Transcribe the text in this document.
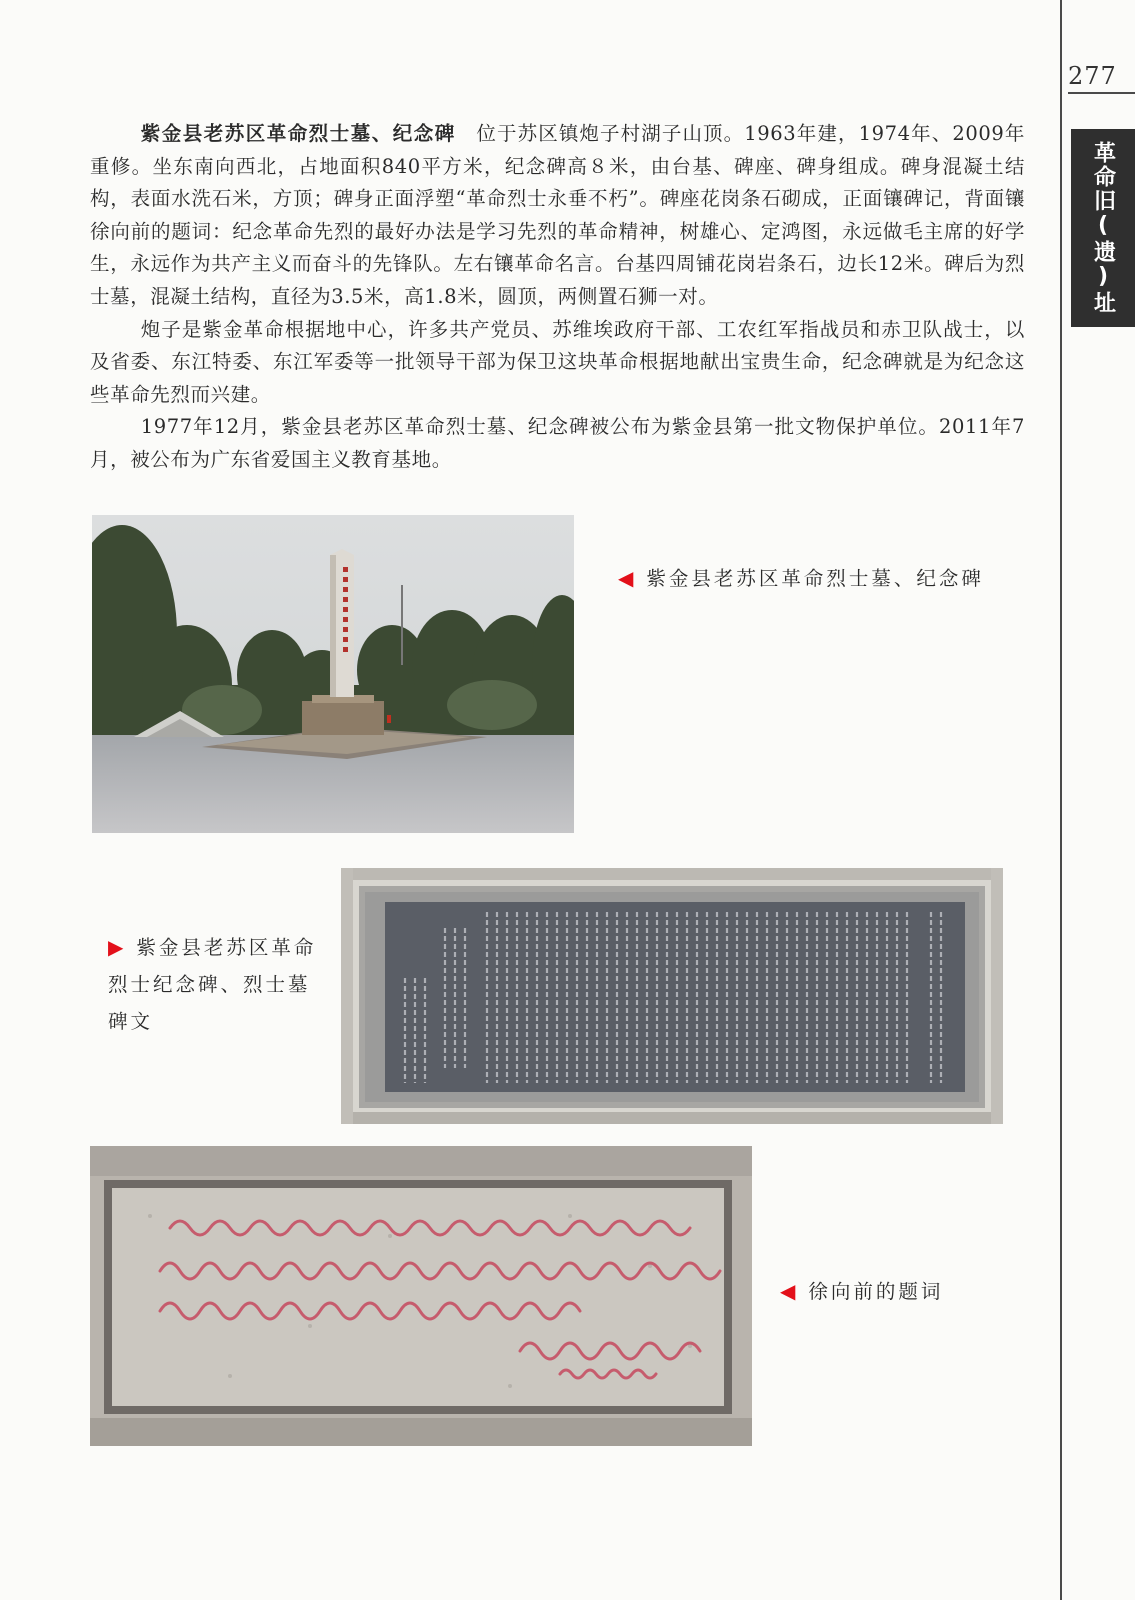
277
革命旧(遗)址

紫金县老苏区革命烈士墓、纪念碑　 位于苏区镇炮子村湖子山顶。1963年建，1974年、2009年重修。坐东南向西北，占地面积840平方米，纪念碑高８米，由台基、碑座、碑身组成。碑身混凝土结构，表面水洗石米，方顶；碑身正面浮塑“革命烈士永垂不朽”。碑座花岗条石砌成，正面镶碑记，背面镶徐向前的题词：纪念革命先烈的最好办法是学习先烈的革命精神，树雄心、定鸿图，永远做毛主席的好学生，永远作为共产主义而奋斗的先锋队。左右镶革命名言。台基四周铺花岗岩条石，边长12米。碑后为烈士墓，混凝土结构，直径为3.5米，高1.8米，圆顶，两侧置石狮一对。

炮子是紫金革命根据地中心，许多共产党员、苏维埃政府干部、工农红军指战员和赤卫队战士，以及省委、东江特委、东江军委等一批领导干部为保卫这块革命根据地献出宝贵生命，纪念碑就是为纪念这些革命先烈而兴建。

1977年12月，紫金县老苏区革命烈士墓、纪念碑被公布为紫金县第一批文物保护单位。2011年7月，被公布为广东省爱国主义教育基地。

◀ 紫金县老苏区革命烈士墓、纪念碑
▶ 紫金县老苏区革命烈士纪念碑、烈士墓碑文
◀ 徐向前的题词
